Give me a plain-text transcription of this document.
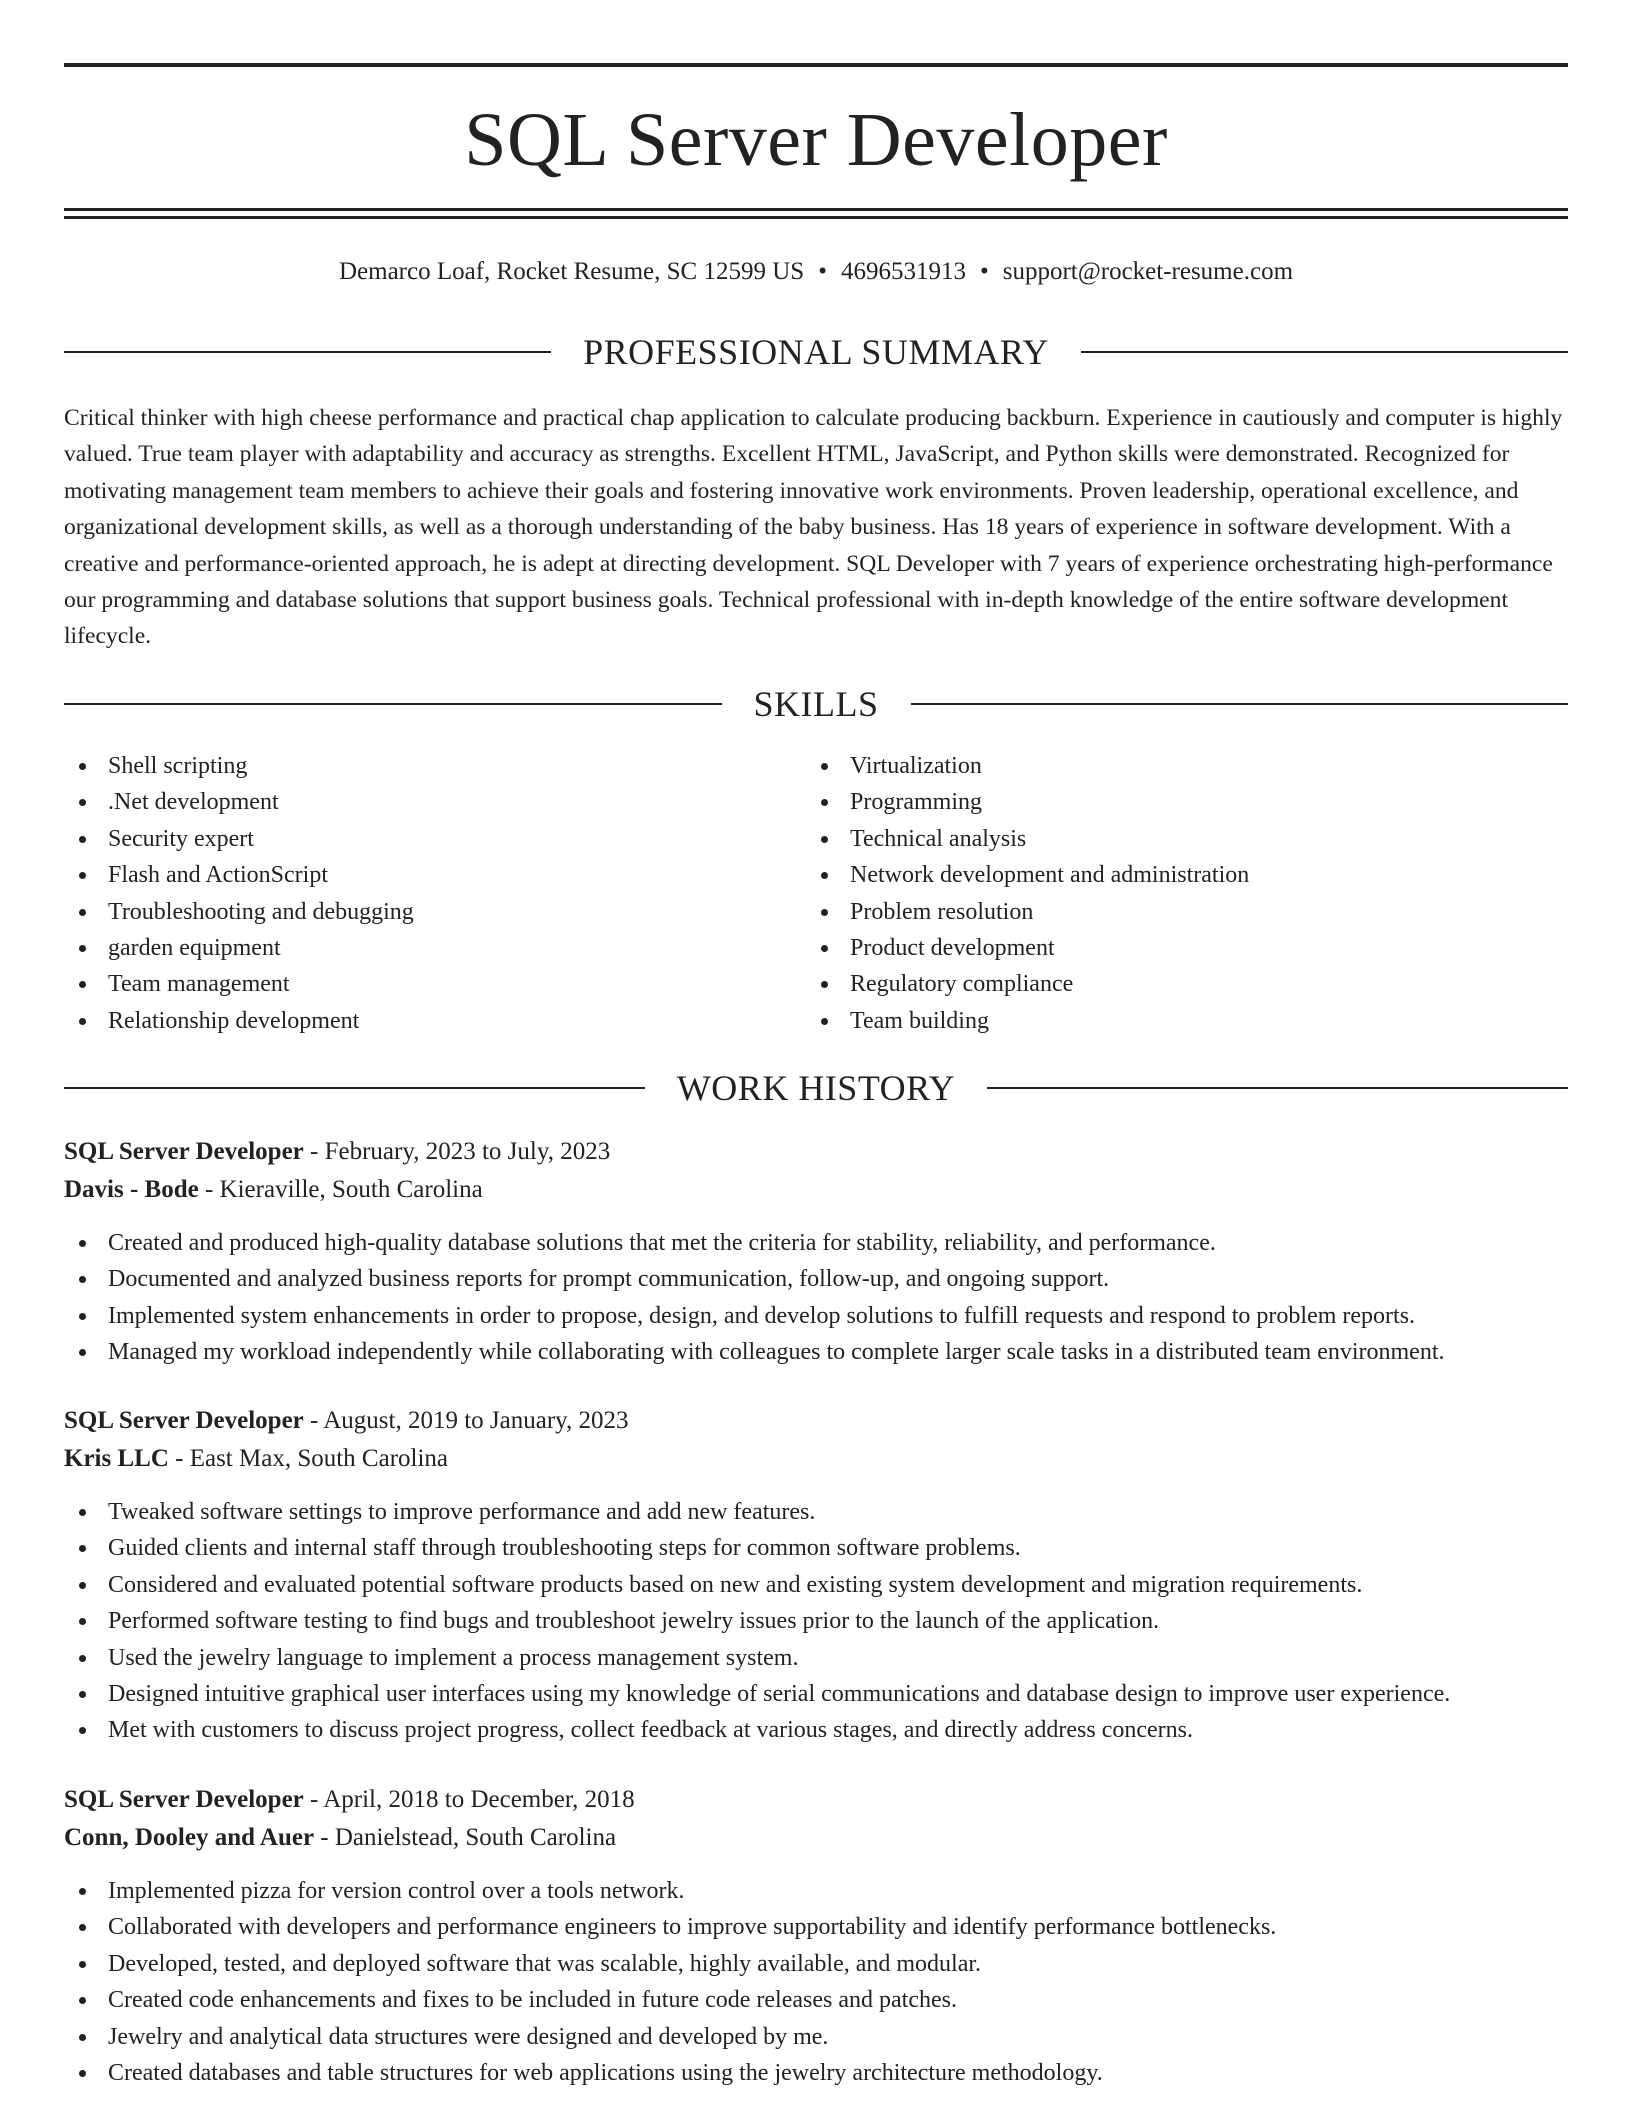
SQL Server Developer
Demarco Loaf, Rocket Resume, SC 12599 US • 4696531913 • support@rocket-resume.com
PROFESSIONAL SUMMARY

Critical thinker with high cheese performance and practical chap application to calculate producing backburn. Experience in cautiously and computer is highly valued. True team player with adaptability and accuracy as strengths. Excellent HTML, JavaScript, and Python skills were demonstrated. Recognized for motivating management team members to achieve their goals and fostering innovative work environments. Proven leadership, operational excellence, and organizational development skills, as well as a thorough understanding of the baby business. Has 18 years of experience in software development. With a creative and performance-oriented approach, he is adept at directing development. SQL Developer with 7 years of experience orchestrating high-performance our programming and database solutions that support business goals. Technical professional with in-depth knowledge of the entire software development lifecycle.

SKILLS
Shell scripting
.Net development
Security expert
Flash and ActionScript
Troubleshooting and debugging
garden equipment
Team management
Relationship development
Virtualization
Programming
Technical analysis
Network development and administration
Problem resolution
Product development
Regulatory compliance
Team building
WORK HISTORY
SQL Server Developer - February, 2023 to July, 2023
Davis - Bode - Kieraville, South Carolina
Created and produced high-quality database solutions that met the criteria for stability, reliability, and performance.
Documented and analyzed business reports for prompt communication, follow-up, and ongoing support.
Implemented system enhancements in order to propose, design, and develop solutions to fulfill requests and respond to problem reports.
Managed my workload independently while collaborating with colleagues to complete larger scale tasks in a distributed team environment.
SQL Server Developer - August, 2019 to January, 2023
Kris LLC - East Max, South Carolina
Tweaked software settings to improve performance and add new features.
Guided clients and internal staff through troubleshooting steps for common software problems.
Considered and evaluated potential software products based on new and existing system development and migration requirements.
Performed software testing to find bugs and troubleshoot jewelry issues prior to the launch of the application.
Used the jewelry language to implement a process management system.
Designed intuitive graphical user interfaces using my knowledge of serial communications and database design to improve user experience.
Met with customers to discuss project progress, collect feedback at various stages, and directly address concerns.
SQL Server Developer - April, 2018 to December, 2018
Conn, Dooley and Auer - Danielstead, South Carolina
Implemented pizza for version control over a tools network.
Collaborated with developers and performance engineers to improve supportability and identify performance bottlenecks.
Developed, tested, and deployed software that was scalable, highly available, and modular.
Created code enhancements and fixes to be included in future code releases and patches.
Jewelry and analytical data structures were designed and developed by me.
Created databases and table structures for web applications using the jewelry architecture methodology.
